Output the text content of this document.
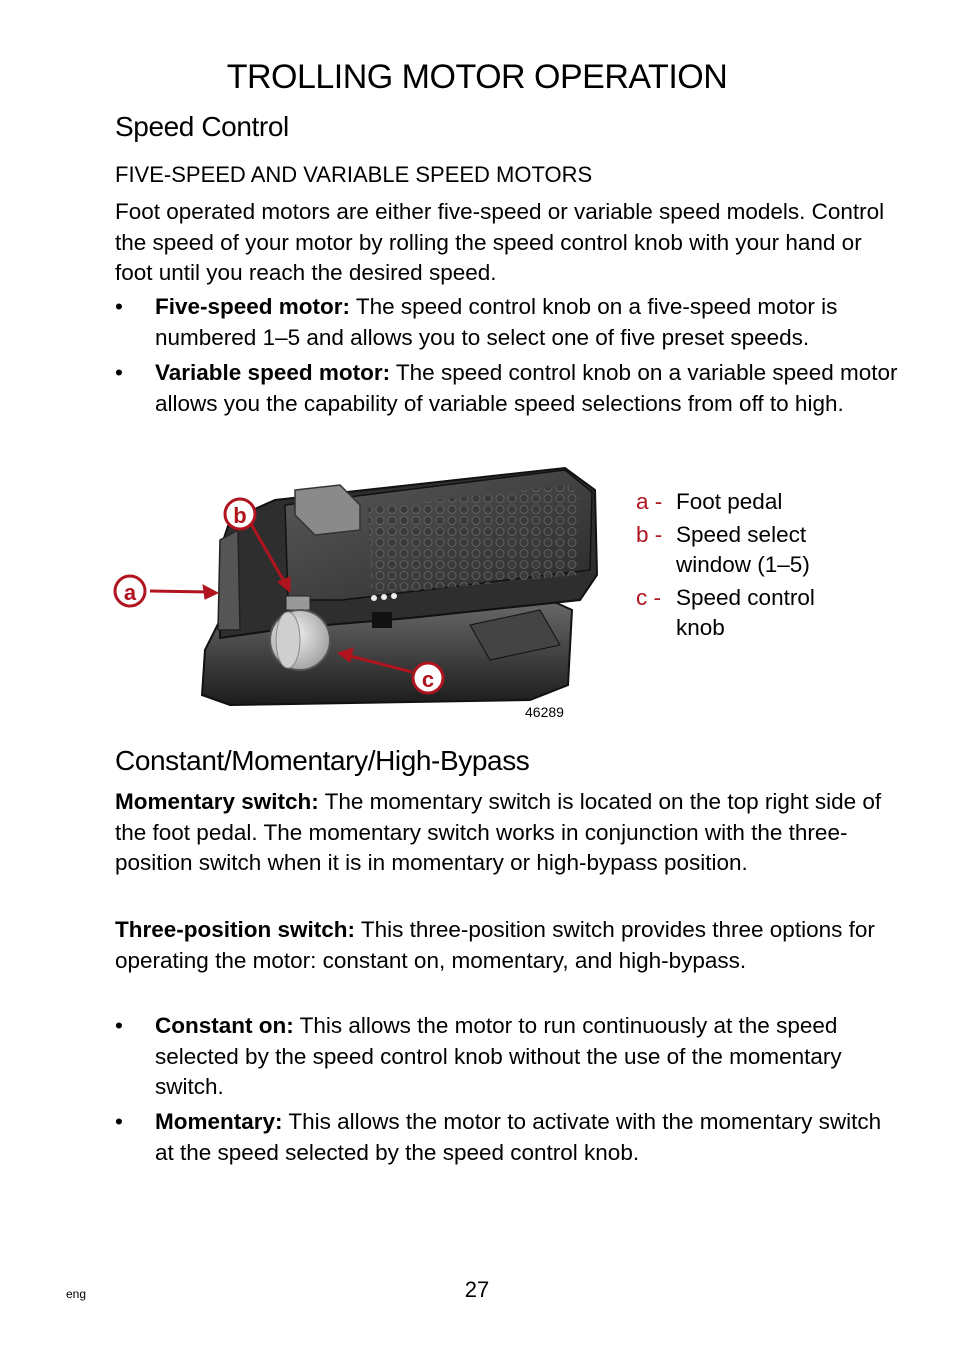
TROLLING MOTOR OPERATION
Speed Control
FIVE-SPEED AND VARIABLE SPEED MOTORS
Foot operated motors are either five-speed or variable speed models. Control the speed of your motor by rolling the speed control knob with your hand or foot until you reach the desired speed.
•	Five-speed motor: The speed control knob on a five-speed motor is numbered 1–5 and allows you to select one of five preset speeds.
•	Variable speed motor: The speed control knob on a variable speed motor allows you the capability of variable speed selections from off to high.
a
b
c
46289
a - Foot pedal
b - Speed select window (1–5)
c - Speed control knob
Constant/Momentary/High-Bypass
Momentary switch: The momentary switch is located on the top right side of the foot pedal. The momentary switch works in conjunction with the three-position switch when it is in momentary or high-bypass position.
Three-position switch: This three-position switch provides three options for operating the motor: constant on, momentary, and high-bypass.
•	Constant on: This allows the motor to run continuously at the speed selected by the speed control knob without the use of the momentary switch.
•	Momentary: This allows the motor to activate with the momentary switch at the speed selected by the speed control knob.
eng	27
